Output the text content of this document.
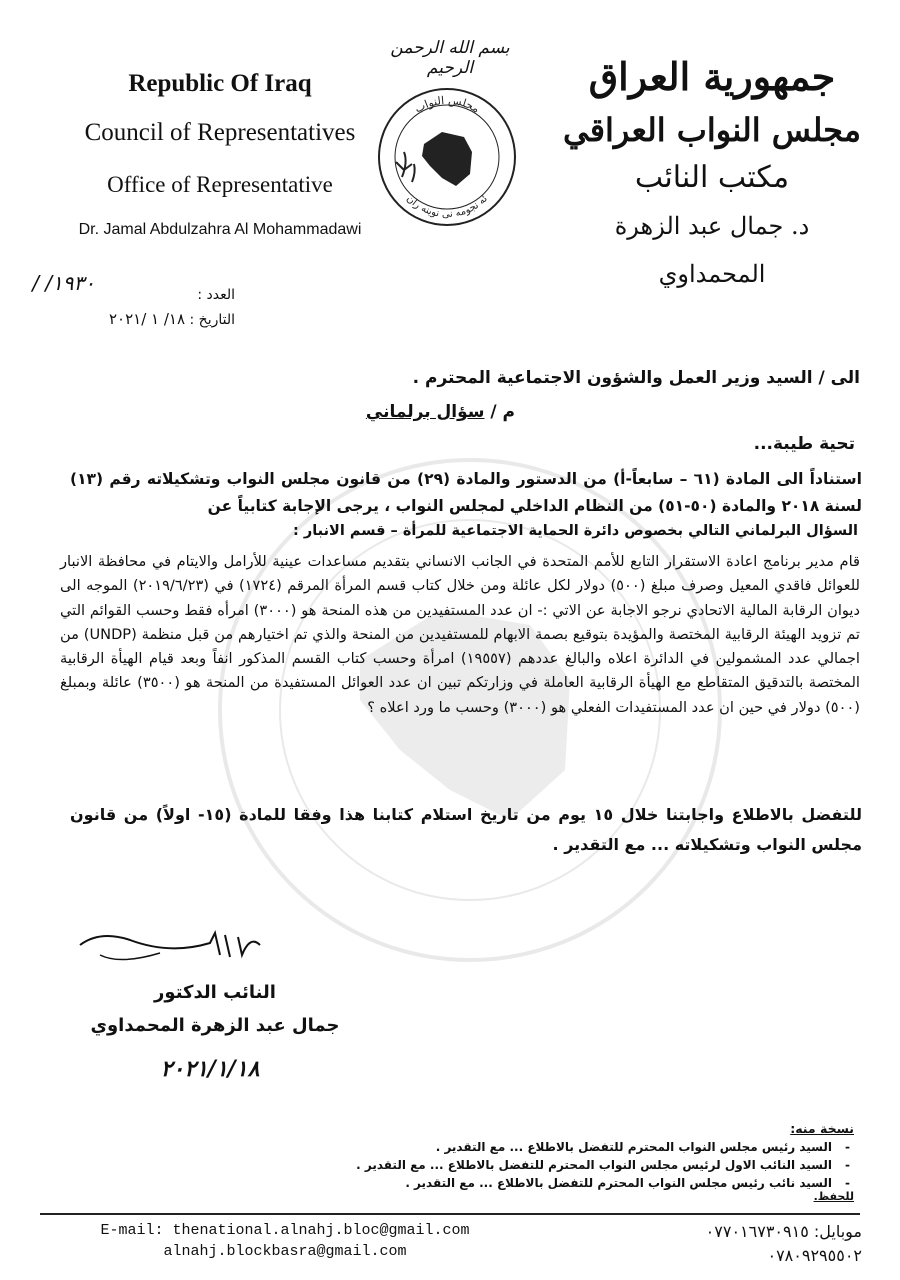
Republic Of Iraq
Council of Representatives
Office of Representative
Dr. Jamal Abdulzahra Al Mohammadawi
بسم الله الرحمن الرحيم
مجلس النواب
ئه نجومه نی نوینه ران
جمهورية العراق
مجلس النواب العراقي
مكتب النائب
د. جمال عبد الزهرة المحمداوي
١٩٣٠/ /	العدد :
التاريخ : ١٨/ ١ /٢٠٢١
الى / السيد وزير العمل والشؤون الاجتماعية المحترم .
م / سؤال برلماني
تحية طيبة...
استناداً الى المادة (٦١ – سابعاً-أ) من الدستور والمادة (٢٩) من قانون مجلس النواب وتشكيلاته رقم (١٣) لسنة ٢٠١٨ والمادة (٥٠-٥١) من النظام الداخلي لمجلس النواب ، يرجى الإجابة كتابياً عن
السؤال البرلماني التالي بخصوص دائرة الحماية الاجتماعية للمرأة – قسم الانبار :
قام مدير برنامج اعادة الاستقرار التابع للأمم المتحدة في الجانب الانساني بتقديم مساعدات عينية للأرامل والايتام في محافظة الانبار للعوائل فاقدي المعيل وصرف مبلغ (٥٠٠) دولار لكل عائلة ومن خلال كتاب قسم المرأة المرقم (١٧٢٤) في (٢٠١٩/٦/٢٣) الموجه الى ديوان الرقابة المالية الاتحادي نرجو الاجابة عن الاتي :- ان عدد المستفيدين من هذه المنحة هو (٣٠٠٠) امرأه فقط وحسب القوائم التي تم تزويد الهيئة الرقابية المختصة والمؤيدة بتوقيع بصمة الابهام للمستفيدين من المنحة والذي تم اختيارهم من قبل منظمة (UNDP) من اجمالي عدد المشمولين في الدائرة اعلاه والبالغ عددهم (١٩٥٥٧) امرأة وحسب كتاب القسم المذكور انفاً وبعد قيام الهيأة الرقابية المختصة بالتدقيق المتقاطع مع الهيأة الرقابية العاملة في وزارتكم تبين ان عدد العوائل المستفيدة من المنحة هو (٣٥٠٠) عائلة وبمبلغ (٥٠٠) دولار في حين ان عدد المستفيدات الفعلي هو (٣٠٠٠) وحسب ما ورد اعلاه ؟
للتفضل بالاطلاع واجابتنا خلال ١٥ يوم من تاريخ استلام كتابنا هذا وفقا للمادة (١٥- اولاً) من قانون مجلس النواب وتشكيلاته ... مع التقدير .
النائب الدكتور
جمال عبد الزهرة المحمداوي
٢٠٢١/١/١٨
نسخة منه:
- السيد رئيس مجلس النواب المحترم للتفضل بالاطلاع ... مع التقدير .
- السيد النائب الاول لرئيس مجلس النواب المحترم للتفضل بالاطلاع ... مع التقدير .
- السيد نائب رئيس مجلس النواب المحترم للتفضل بالاطلاع ... مع التقدير .
للحفظ.
E-mail: thenational.alnahj.bloc@gmail.com
alnahj.blockbasra@gmail.com
موبايل: ٠٧٧٠١٦٧٣٠٩١٥
٠٧٨٠٩٢٩٥٥٠٢
